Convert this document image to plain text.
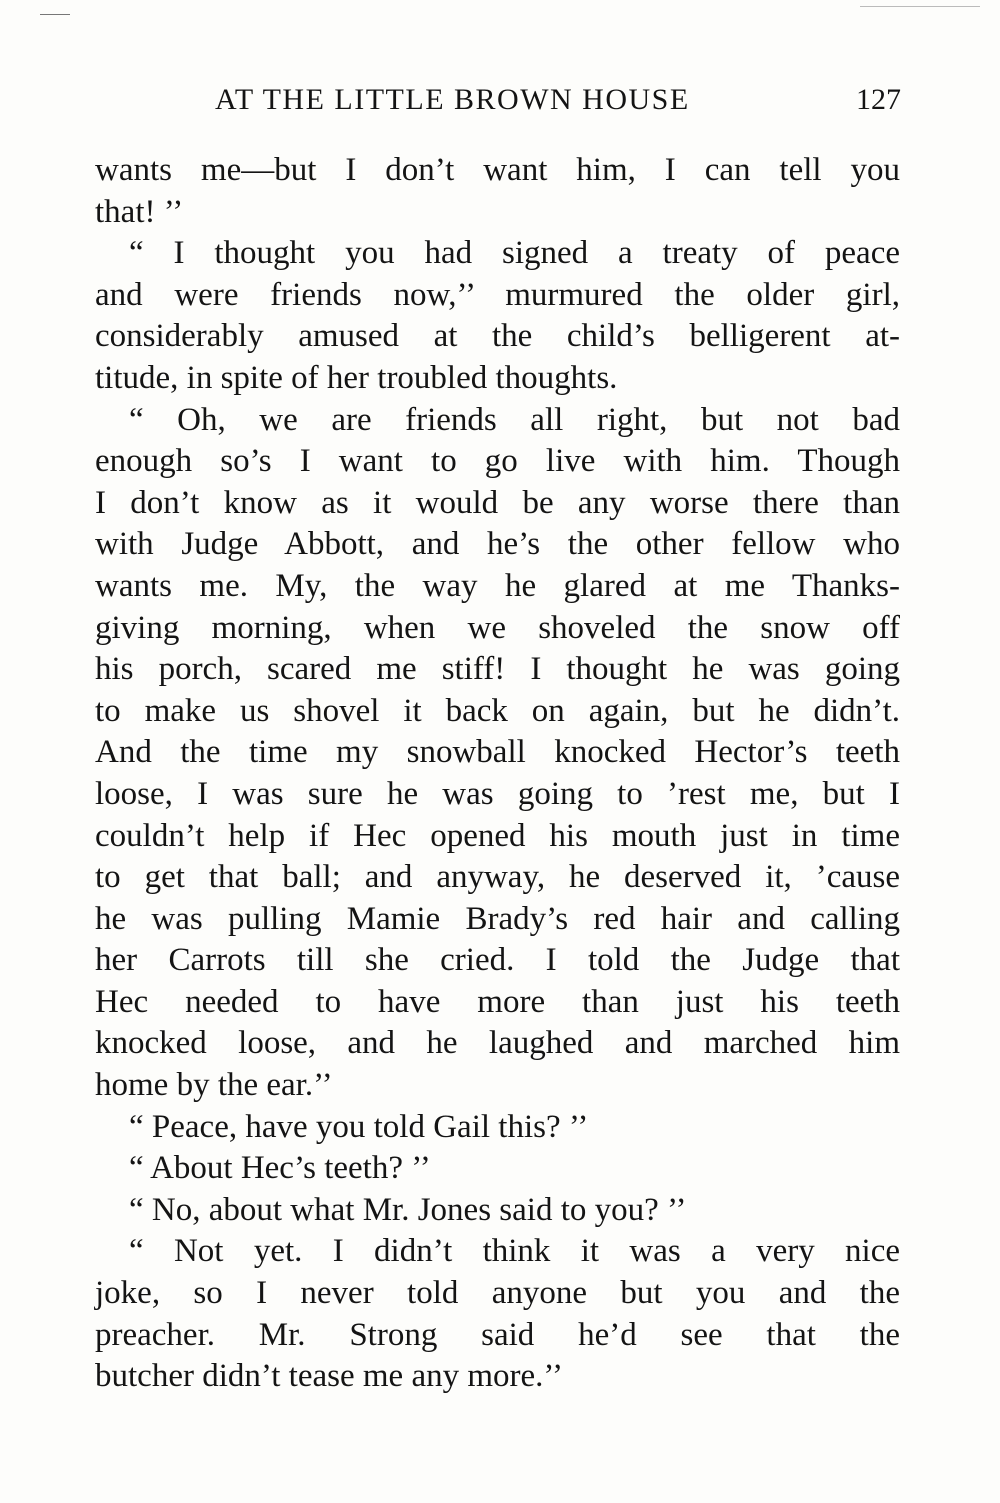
AT THE LITTLE BROWN HOUSE	127
wants me—but I don’t want him, I can tell you
that! ’’
“ I thought you had signed a treaty of peace
and were friends now,’’ murmured the older girl,
considerably amused at the child’s belligerent at-
titude, in spite of her troubled thoughts.
“ Oh, we are friends all right, but not bad
enough so’s I want to go live with him. Though
I don’t know as it would be any worse there than
with Judge Abbott, and he’s the other fellow who
wants me. My, the way he glared at me Thanks-
giving morning, when we shoveled the snow off
his porch, scared me stiff! I thought he was going
to make us shovel it back on again, but he didn’t.
And the time my snowball knocked Hector’s teeth
loose, I was sure he was going to ’rest me, but I
couldn’t help if Hec opened his mouth just in time
to get that ball; and anyway, he deserved it, ’cause
he was pulling Mamie Brady’s red hair and calling
her Carrots till she cried. I told the Judge that
Hec needed to have more than just his teeth
knocked loose, and he laughed and marched him
home by the ear.’’
“ Peace, have you told Gail this? ’’
“ About Hec’s teeth? ’’
“ No, about what Mr. Jones said to you? ’’
“ Not yet. I didn’t think it was a very nice
joke, so I never told anyone but you and the
preacher. Mr. Strong said he’d see that the
butcher didn’t tease me any more.’’
